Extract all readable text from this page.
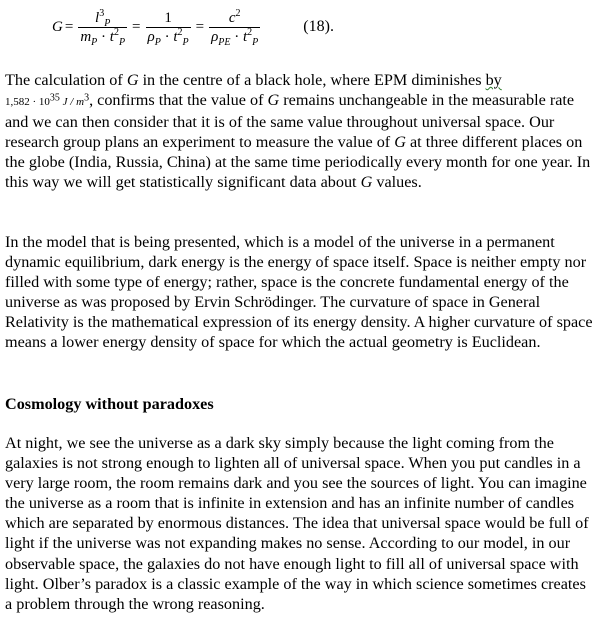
$G = \frac{l^3_P}{m_P \cdot t^2_P} = \frac{1}{\rho_P \cdot t^2_P} = \frac{c^2}{\rho_{PE} \cdot t^2_P}$	(18).

The calculation of G in the centre of a black hole, where EPM diminishes by
$1,582 \cdot 10^{35}$ J / $m^3$, confirms that the value of G remains unchangeable in the measurable rate and we can then consider that it is of the same value throughout universal space. Our research group plans an experiment to measure the value of G at three different places on the globe (India, Russia, China) at the same time periodically every month for one year. In this way we will get statistically significant data about G values.

In the model that is being presented, which is a model of the universe in a permanent dynamic equilibrium, dark energy is the energy of space itself. Space is neither empty nor filled with some type of energy; rather, space is the concrete fundamental energy of the universe as was proposed by Ervin Schrödinger. The curvature of space in General Relativity is the mathematical expression of its energy density. A higher curvature of space means a lower energy density of space for which the actual geometry is Euclidean.

Cosmology without paradoxes

At night, we see the universe as a dark sky simply because the light coming from the galaxies is not strong enough to lighten all of universal space. When you put candles in a very large room, the room remains dark and you see the sources of light. You can imagine the universe as a room that is infinite in extension and has an infinite number of candles which are separated by enormous distances. The idea that universal space would be full of light if the universe was not expanding makes no sense. According to our model, in our observable space, the galaxies do not have enough light to fill all of universal space with light. Olber’s paradox is a classic example of the way in which science sometimes creates a problem through the wrong reasoning.
